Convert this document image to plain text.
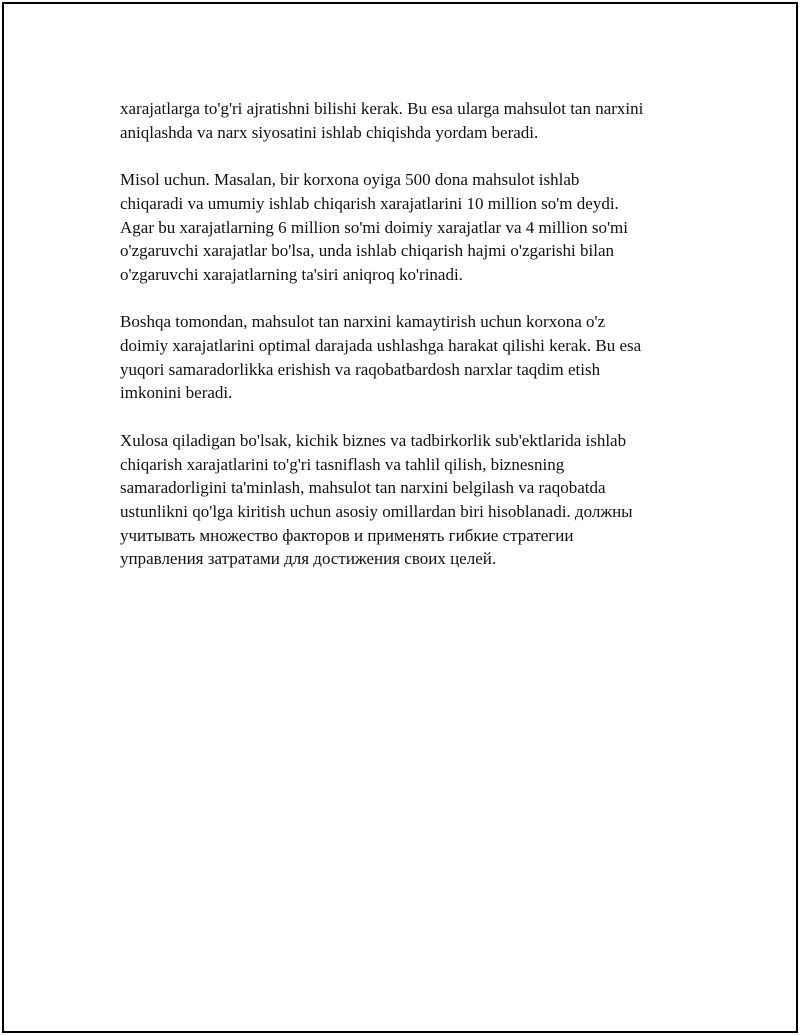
xarajatlarga to'g'ri ajratishni bilishi kerak. Bu esa ularga mahsulot tan narxini
aniqlashda va narx siyosatini ishlab chiqishda yordam beradi.

Misol uchun. Masalan, bir korxona oyiga 500 dona mahsulot ishlab
chiqaradi va umumiy ishlab chiqarish xarajatlarini 10 million so'm deydi.
Agar bu xarajatlarning 6 million so'mi doimiy xarajatlar va 4 million so'mi
o'zgaruvchi xarajatlar bo'lsa, unda ishlab chiqarish hajmi o'zgarishi bilan
o'zgaruvchi xarajatlarning ta'siri aniqroq ko'rinadi.

Boshqa tomondan, mahsulot tan narxini kamaytirish uchun korxona o'z
doimiy xarajatlarini optimal darajada ushlashga harakat qilishi kerak. Bu esa
yuqori samaradorlikka erishish va raqobatbardosh narxlar taqdim etish
imkonini beradi.

Xulosa qiladigan bo'lsak, kichik biznes va tadbirkorlik sub'ektlarida ishlab
chiqarish xarajatlarini to'g'ri tasniflash va tahlil qilish, biznesning
samaradorligini ta'minlash, mahsulot tan narxini belgilash va raqobatda
ustunlikni qo'lga kiritish uchun asosiy omillardan biri hisoblanadi. должны
учитывать множество факторов и применять гибкие стратегии
управления затратами для достижения своих целей.
